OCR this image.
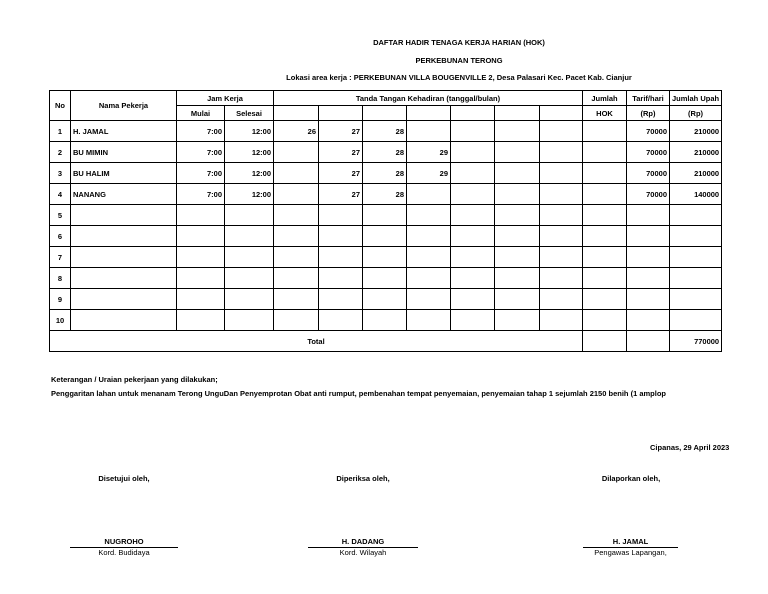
DAFTAR HADIR TENAGA KERJA HARIAN (HOK)
PERKEBUNAN TERONG
Lokasi area kerja : PERKEBUNAN VILLA BOUGENVILLE 2, Desa Palasari Kec. Pacet Kab. Cianjur
No	Nama Pekerja	Jam Kerja		Tanda Tangan Kehadiran (tanggal/bulan)							Jumlah	Tarif/hari	Jumlah Upah
		Mulai	Selesai								HOK	(Rp)	(Rp)
1	H. JAMAL	7:00	12:00	26	27	28						70000	210000
2	BU MIMIN	7:00	12:00		27	28	29					70000	210000
3	BU HALIM	7:00	12:00		27	28	29					70000	210000
4	NANANG	7:00	12:00		27	28						70000	140000
5													
6													
7													
8													
9													
10													
Total													770000
Keterangan / Uraian pekerjaan yang dilakukan;
Penggaritan lahan untuk menanam Terong UnguDan Penyemprotan Obat anti rumput, pembenahan tempat penyemaian, penyemaian tahap 1 sejumlah 2150 benih (1 amplop
Cipanas, 29 April 2023
Disetujui oleh,
NUGROHO
Kord. Budidaya
Diperiksa oleh,
H. DADANG
Kord. Wilayah
Dilaporkan oleh,
H. JAMAL
Pengawas Lapangan,
